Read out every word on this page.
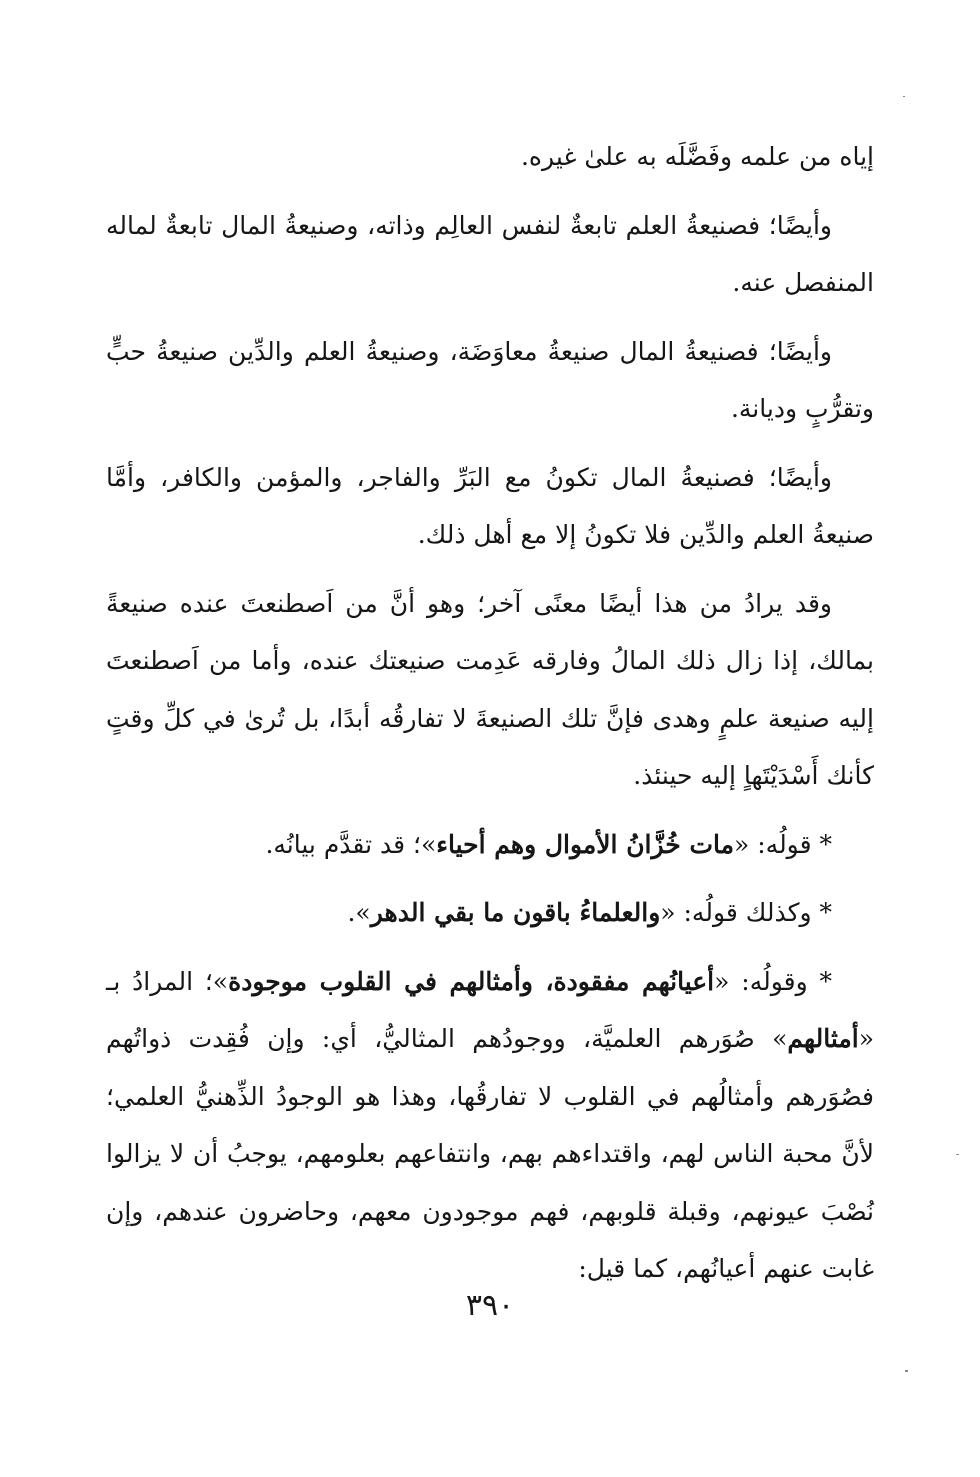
إياه من علمه وفَضَّلَه به علىٰ غيره.

وأيضًا؛ فصنيعةُ العلم تابعةٌ لنفس العالِم وذاته، وصنيعةُ المال تابعةٌ لماله المنفصل عنه.

وأيضًا؛ فصنيعةُ المال صنيعةُ معاوَضَة، وصنيعةُ العلم والدِّين صنيعةُ حبٍّ وتقرُّبٍ وديانة.

وأيضًا؛ فصنيعةُ المال تكونُ مع البَرِّ والفاجر، والمؤمن والكافر، وأمَّا صنيعةُ العلم والدِّين فلا تكونُ إلا مع أهل ذلك.

وقد يرادُ من هذا أيضًا معنًى آخر؛ وهو أنَّ من اَصطنعتَ عنده صنيعةً بمالك، إذا زال ذلك المالُ وفارقه عَدِمت صنيعتك عنده، وأما من اَصطنعتَ إليه صنيعة علمٍ وهدى فإنَّ تلك الصنيعةَ لا تفارقُه أبدًا، بل تُرىٰ في كلِّ وقتٍ كأنك أَسْدَيْتَهاٍ إليه حينئذ.

* قولُه: «مات خُزَّانُ الأموال وهم أحياء»؛ قد تقدَّم بيانُه.

* وكذلك قولُه: «والعلماءُ باقون ما بقي الدهر».

* وقولُه: «أعيانُهم مفقودة، وأمثالهم في القلوب موجودة»؛ المرادُ بـ «أمثالهم» صُوَرهم العلميَّة، ووجودُهم المثاليُّ، أي: وإن فُقِدت ذواتُهم فصُوَرهم وأمثالُهم في القلوب لا تفارقُها، وهذا هو الوجودُ الذِّهنيُّ العلمي؛ لأنَّ محبة الناس لهم، واقتداءهم بهم، وانتفاعهم بعلومهم، يوجبُ أن لا يزالوا نُصْبَ عيونهم، وقبلة قلوبهم، فهم موجودون معهم، وحاضرون عندهم، وإن غابت عنهم أعيانُهم، كما قيل:

٣٩٠
